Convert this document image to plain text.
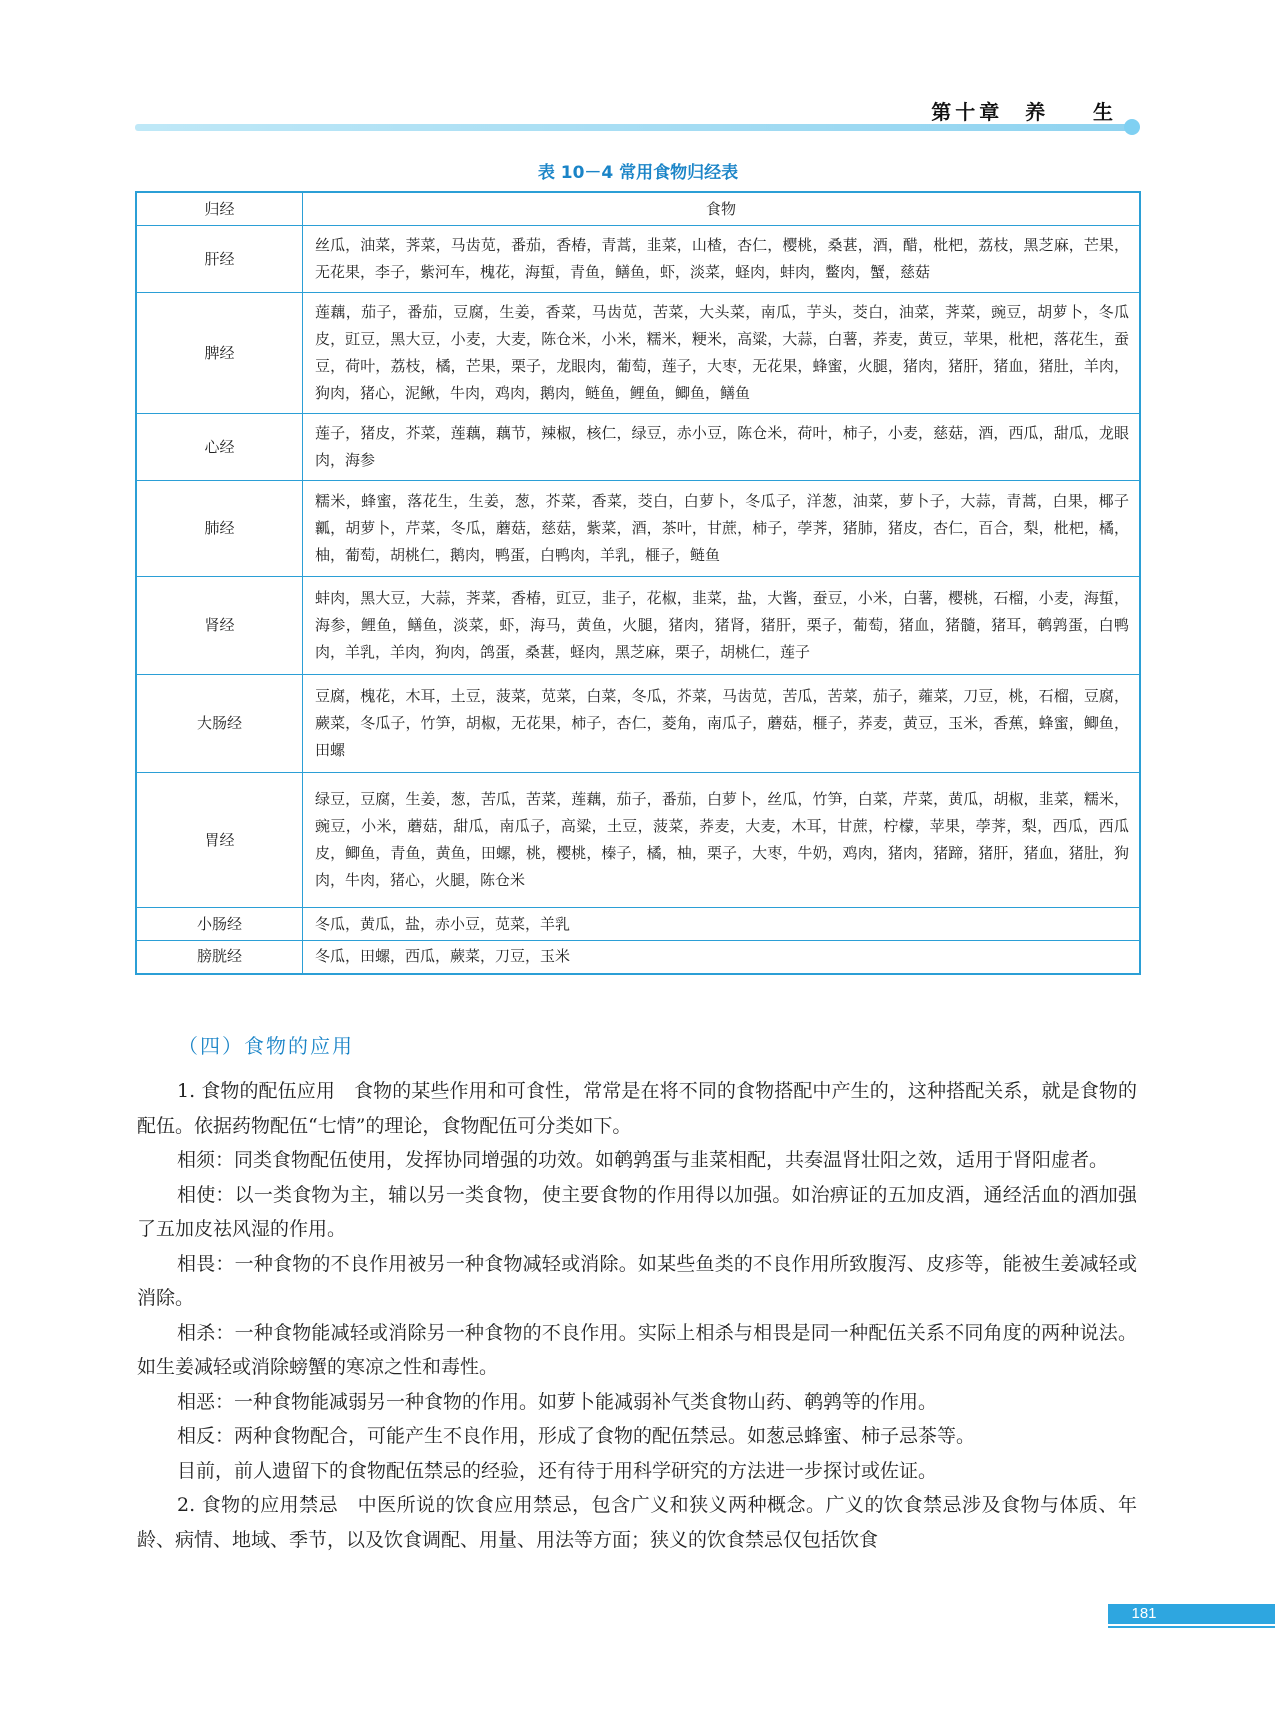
第十章  养    生
表 10－4 常用食物归经表
归经	食物
肝经	丝瓜，油菜，荠菜，马齿苋，番茄，香椿，青蒿，韭菜，山楂，杏仁，樱桃，桑葚，酒，醋，枇杷，荔枝，黑芝麻，芒果，无花果，李子，紫河车，槐花，海蜇，青鱼，鳝鱼，虾，淡菜，蛏肉，蚌肉，鳖肉，蟹，慈菇
脾经	莲藕，茄子，番茄，豆腐，生姜，香菜，马齿苋，苦菜，大头菜，南瓜，芋头，茭白，油菜，荠菜，豌豆，胡萝卜，冬瓜皮，豇豆，黑大豆，小麦，大麦，陈仓米，小米，糯米，粳米，高粱，大蒜，白薯，荞麦，黄豆，苹果，枇杷，落花生，蚕豆，荷叶，荔枝，橘，芒果，栗子，龙眼肉，葡萄，莲子，大枣，无花果，蜂蜜，火腿，猪肉，猪肝，猪血，猪肚，羊肉，狗肉，猪心，泥鳅，牛肉，鸡肉，鹅肉，鲢鱼，鲤鱼，鲫鱼，鳝鱼
心经	莲子，猪皮，芥菜，莲藕，藕节，辣椒，核仁，绿豆，赤小豆，陈仓米，荷叶，柿子，小麦，慈菇，酒，西瓜，甜瓜，龙眼肉，海参
肺经	糯米，蜂蜜，落花生，生姜，葱，芥菜，香菜，茭白，白萝卜，冬瓜子，洋葱，油菜，萝卜子，大蒜，青蒿，白果，椰子瓤，胡萝卜，芹菜，冬瓜，蘑菇，慈菇，紫菜，酒，茶叶，甘蔗，柿子，荸荠，猪肺，猪皮，杏仁，百合，梨，枇杷，橘，柚，葡萄，胡桃仁，鹅肉，鸭蛋，白鸭肉，羊乳，榧子，鲢鱼
肾经	蚌肉，黑大豆，大蒜，荠菜，香椿，豇豆，韭子，花椒，韭菜，盐，大酱，蚕豆，小米，白薯，樱桃，石榴，小麦，海蜇，海参，鲤鱼，鳝鱼，淡菜，虾，海马，黄鱼，火腿，猪肉，猪肾，猪肝，栗子，葡萄，猪血，猪髓，猪耳，鹌鹑蛋，白鸭肉，羊乳，羊肉，狗肉，鸽蛋，桑葚，蛏肉，黑芝麻，栗子，胡桃仁，莲子
大肠经	豆腐，槐花，木耳，土豆，菠菜，苋菜，白菜，冬瓜，芥菜，马齿苋，苦瓜，苦菜，茄子，蕹菜，刀豆，桃，石榴，豆腐，蕨菜，冬瓜子，竹笋，胡椒，无花果，柿子，杏仁，菱角，南瓜子，蘑菇，榧子，荞麦，黄豆，玉米，香蕉，蜂蜜，鲫鱼，田螺
胃经	绿豆，豆腐，生姜，葱，苦瓜，苦菜，莲藕，茄子，番茄，白萝卜，丝瓜，竹笋，白菜，芹菜，黄瓜，胡椒，韭菜，糯米，豌豆，小米，蘑菇，甜瓜，南瓜子，高粱，土豆，菠菜，荞麦，大麦，木耳，甘蔗，柠檬，苹果，荸荠，梨，西瓜，西瓜皮，鲫鱼，青鱼，黄鱼，田螺，桃，樱桃，榛子，橘，柚，栗子，大枣，牛奶，鸡肉，猪肉，猪蹄，猪肝，猪血，猪肚，狗肉，牛肉，猪心，火腿，陈仓米
小肠经	冬瓜，黄瓜，盐，赤小豆，苋菜，羊乳
膀胱经	冬瓜，田螺，西瓜，蕨菜，刀豆，玉米
（四）食物的应用

1. 食物的配伍应用　食物的某些作用和可食性，常常是在将不同的食物搭配中产生的，这种搭配关系，就是食物的配伍。依据药物配伍“七情”的理论，食物配伍可分类如下。

相须：同类食物配伍使用，发挥协同增强的功效。如鹌鹑蛋与韭菜相配，共奏温肾壮阳之效，适用于肾阳虚者。

相使：以一类食物为主，辅以另一类食物，使主要食物的作用得以加强。如治痹证的五加皮酒，通经活血的酒加强了五加皮祛风湿的作用。

相畏：一种食物的不良作用被另一种食物减轻或消除。如某些鱼类的不良作用所致腹泻、皮疹等，能被生姜减轻或消除。

相杀：一种食物能减轻或消除另一种食物的不良作用。实际上相杀与相畏是同一种配伍关系不同角度的两种说法。如生姜减轻或消除螃蟹的寒凉之性和毒性。

相恶：一种食物能减弱另一种食物的作用。如萝卜能减弱补气类食物山药、鹌鹑等的作用。

相反：两种食物配合，可能产生不良作用，形成了食物的配伍禁忌。如葱忌蜂蜜、柿子忌茶等。

目前，前人遗留下的食物配伍禁忌的经验，还有待于用科学研究的方法进一步探讨或佐证。

2. 食物的应用禁忌　中医所说的饮食应用禁忌，包含广义和狭义两种概念。广义的饮食禁忌涉及食物与体质、年龄、病情、地域、季节，以及饮食调配、用量、用法等方面；狭义的饮食禁忌仅包括饮食

181
